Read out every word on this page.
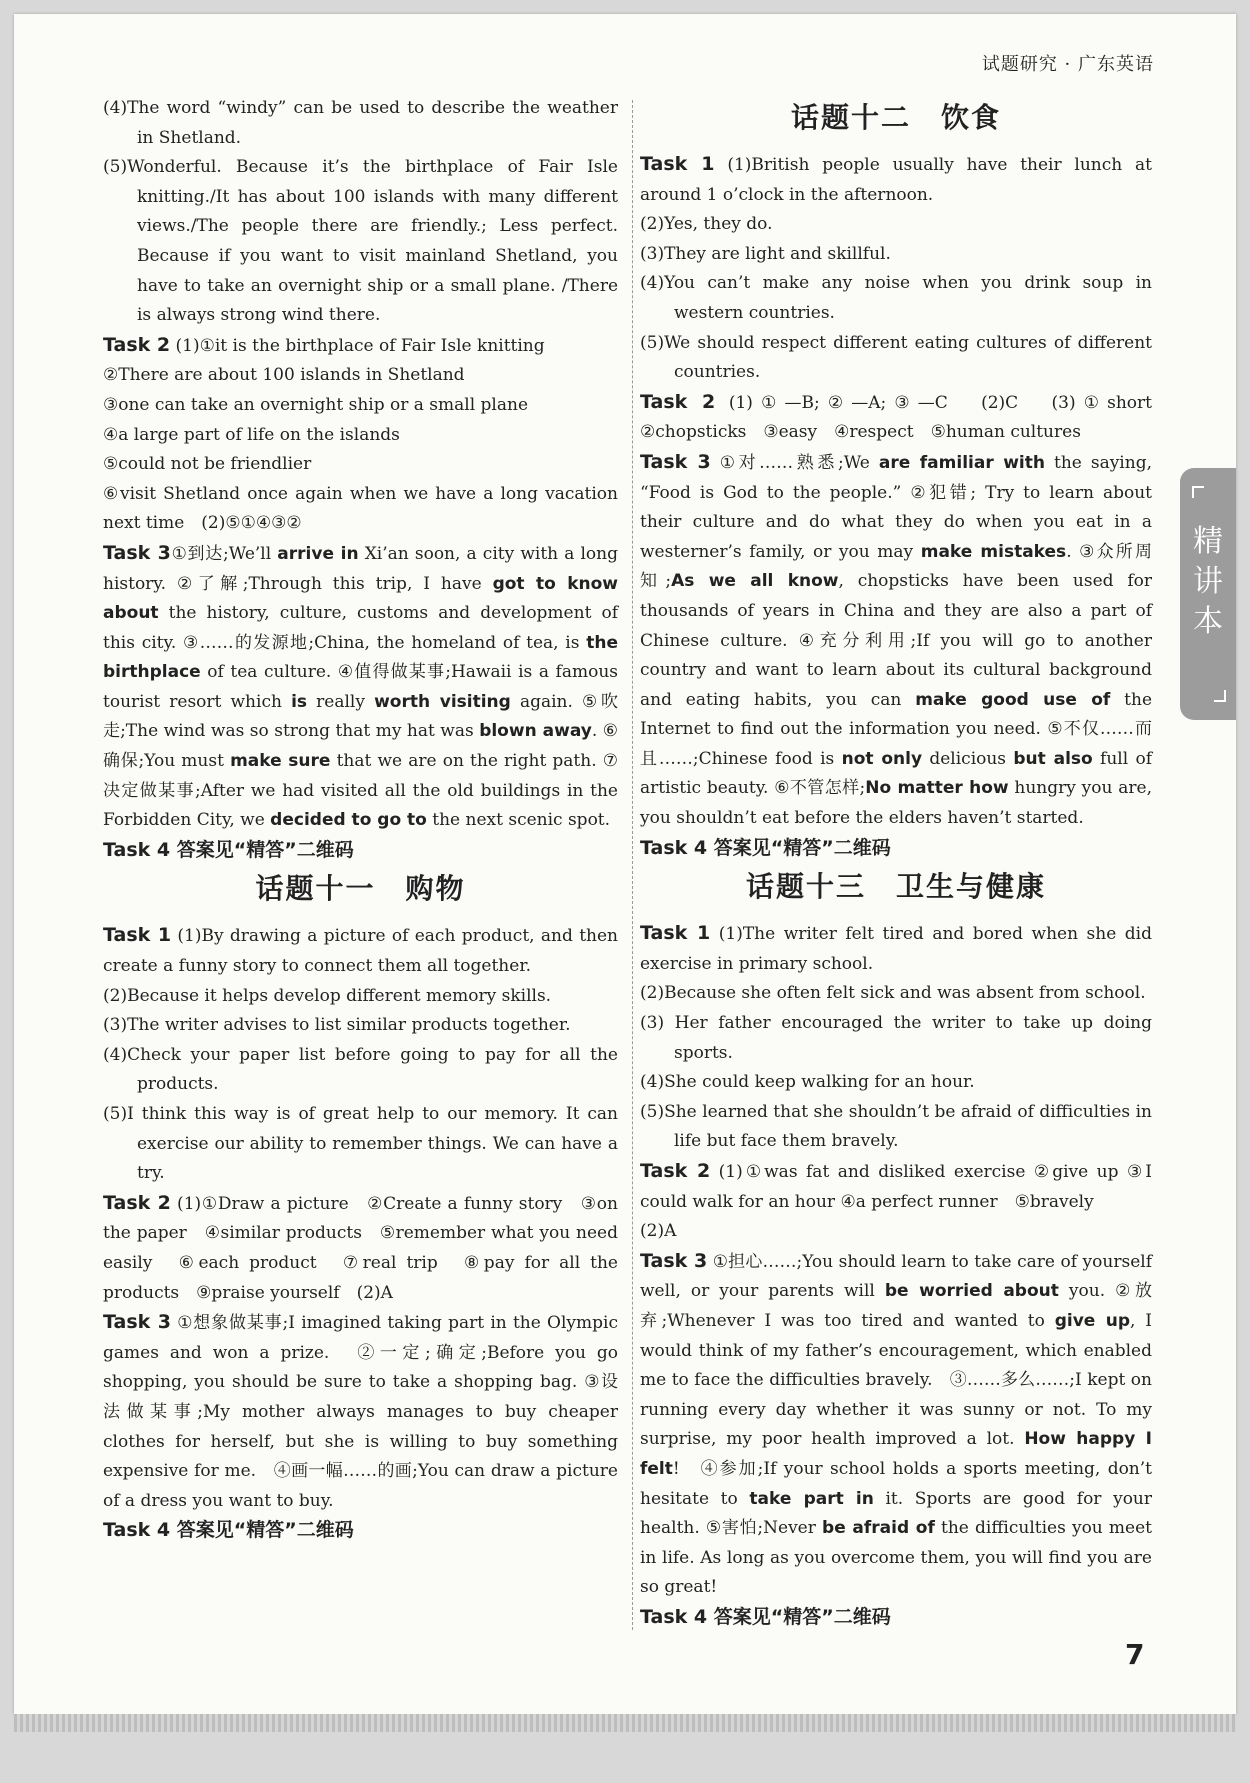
试题研究 · 广东英语
精讲本

(4)The word “windy” can be used to describe the weather in Shetland.

(5)Wonderful. Because it’s the birthplace of Fair Isle knitting./It has about 100 islands with many different views./The people there are friendly.; Less perfect. Because if you want to visit mainland Shetland, you have to take an overnight ship or a small plane. /There is always strong wind there.

Task 2 (1)①it is the birthplace of Fair Isle knitting

②There are about 100 islands in Shetland

③one can take an overnight ship or a small plane

④a large part of life on the islands

⑤could not be friendlier

⑥visit Shetland once again when we have a long vacation next time　(2)⑤①④③②

Task 3①到达;We’ll arrive in Xi’an soon, a city with a long history. ②了解;Through this trip, I have got to know about the history, culture, customs and development of this city. ③……的发源地;China, the homeland of tea, is the birthplace of tea culture. ④值得做某事;Hawaii is a famous tourist resort which is really worth visiting again. ⑤吹走;The wind was so strong that my hat was blown away. ⑥确保;You must make sure that we are on the right path. ⑦决定做某事;After we had visited all the old buildings in the Forbidden City, we decided to go to the next scenic spot.

Task 4 答案见“精答”二维码

话题十一　购物

Task 1 (1)By drawing a picture of each product, and then create a funny story to connect them all together.

(2)Because it helps develop different memory skills.

(3)The writer advises to list similar products together.

(4)Check your paper list before going to pay for all the products.

(5)I think this way is of great help to our memory. It can exercise our ability to remember things. We can have a try.

Task 2 (1)①Draw a picture　②Create a funny story　③on the paper　④similar products　⑤remember what you need easily　⑥each product　⑦real trip　⑧pay for all the products　⑨praise yourself　(2)A

Task 3 ①想象做某事;I imagined taking part in the Olympic games and won a prize.　②一定;确定;Before you go shopping, you should be sure to take a shopping bag. ③设法做某事;My mother always manages to buy cheaper clothes for herself, but she is willing to buy something expensive for me.　④画一幅……的画;You can draw a picture of a dress you want to buy.

Task 4 答案见“精答”二维码

话题十二　饮食

Task 1 (1)British people usually have their lunch at around 1 o’clock in the afternoon.

(2)Yes, they do.

(3)They are light and skillful.

(4)You can’t make any noise when you drink soup in western countries.

(5)We should respect different eating cultures of different countries.

Task 2 (1)①—B;②—A;③—C　(2)C　(3)①short　②chopsticks　③easy　④respect　⑤human cultures

Task 3 ①对……熟悉;We are familiar with the saying, “Food is God to the people.” ②犯错; Try to learn about their culture and do what they do when you eat in a westerner’s family, or you may make mistakes. ③众所周知;As we all know, chopsticks have been used for thousands of years in China and they are also a part of Chinese culture. ④充分利用;If you will go to another country and want to learn about its cultural background and eating habits, you can make good use of the Internet to find out the information you need. ⑤不仅……而且……;Chinese food is not only delicious but also full of artistic beauty. ⑥不管怎样;No matter how hungry you are, you shouldn’t eat before the elders haven’t started.

Task 4 答案见“精答”二维码

话题十三　卫生与健康

Task 1 (1)The writer felt tired and bored when she did exercise in primary school.

(2)Because she often felt sick and was absent from school.

(3) Her father encouraged the writer to take up doing sports.

(4)She could keep walking for an hour.

(5)She learned that she shouldn’t be afraid of difficulties in life but face them bravely.

Task 2 (1)①was fat and disliked exercise ②give up ③I could walk for an hour ④a perfect runner　⑤bravely

(2)A

Task 3 ①担心……;You should learn to take care of yourself well, or your parents will be worried about you. ②放弃;Whenever I was too tired and wanted to give up, I would think of my father’s encouragement, which enabled me to face the difficulties bravely.　③……多么……;I kept on running every day whether it was sunny or not. To my surprise, my poor health improved a lot. How happy I felt!　④参加;If your school holds a sports meeting, don’t hesitate to take part in it. Sports are good for your health. ⑤害怕;Never be afraid of the difficulties you meet in life. As long as you overcome them, you will find you are so great!

Task 4 答案见“精答”二维码

7
